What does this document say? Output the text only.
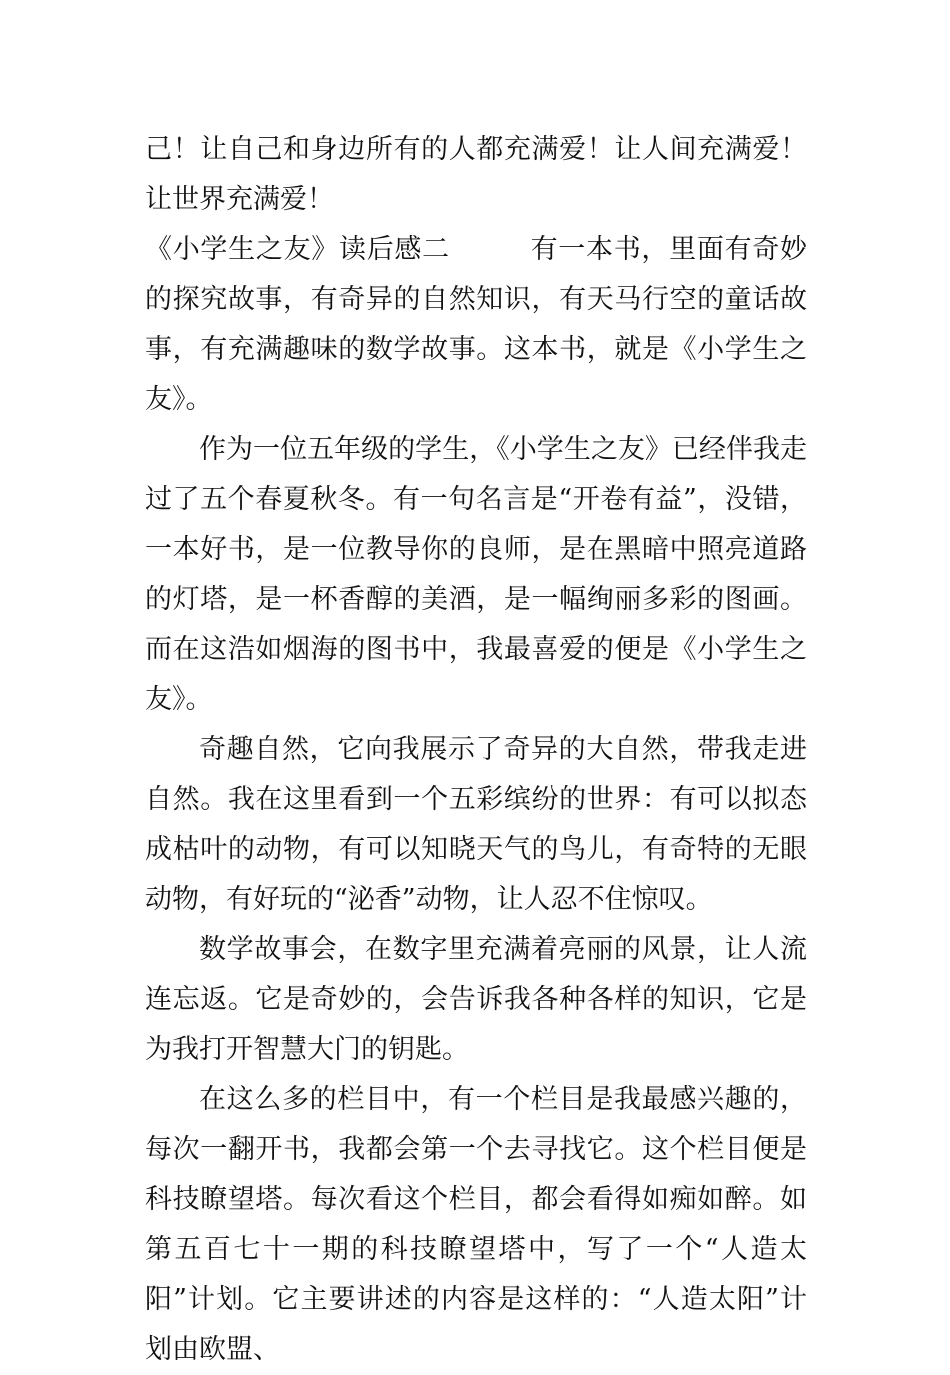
己！让自己和身边所有的人都充满爱！让人间充满爱！让世界充满爱！

《小学生之友》读后感二	有一本书，里面有奇妙的探究故事，有奇异的自然知识，有天马行空的童话故事，有充满趣味的数学故事。这本书，就是《小学生之友》。

作为一位五年级的学生，《小学生之友》已经伴我走过了五个春夏秋冬。有一句名言是“开卷有益”，没错，一本好书，是一位教导你的良师，是在黑暗中照亮道路的灯塔，是一杯香醇的美酒，是一幅绚丽多彩的图画。而在这浩如烟海的图书中，我最喜爱的便是《小学生之友》。

奇趣自然，它向我展示了奇异的大自然，带我走进自然。我在这里看到一个五彩缤纷的世界：有可以拟态成枯叶的动物，有可以知晓天气的鸟儿，有奇特的无眼动物，有好玩的“泌香”动物，让人忍不住惊叹。

数学故事会，在数字里充满着亮丽的风景，让人流连忘返。它是奇妙的，会告诉我各种各样的知识，它是为我打开智慧大门的钥匙。

在这么多的栏目中，有一个栏目是我最感兴趣的，每次一翻开书，我都会第一个去寻找它。这个栏目便是科技瞭望塔。每次看这个栏目，都会看得如痴如醉。如第五百七十一期的科技瞭望塔中，写了一个“人造太阳”计划。它主要讲述的内容是这样的：“人造太阳”计划由欧盟、
